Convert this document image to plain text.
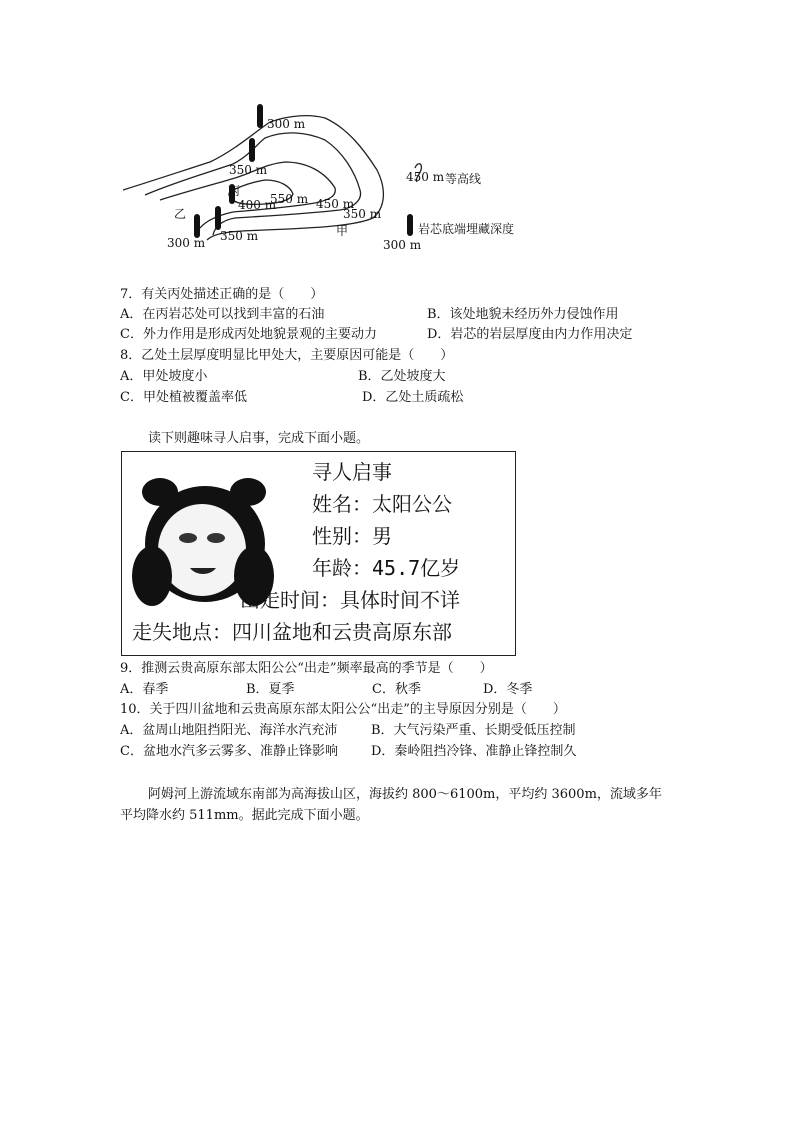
300 m
350 m
丙
400 m
550 m 450 m
350 m
乙
甲
300 m 350 m
450 m 等高线
岩芯底端埋藏深度
300 m
7．有关丙处描述正确的是（　　）
A．在丙岩芯处可以找到丰富的石油	B．该处地貌未经历外力侵蚀作用
C．外力作用是形成丙处地貌景观的主要动力	D．岩芯的岩层厚度由内力作用决定
8．乙处土层厚度明显比甲处大，主要原因可能是（　　）
A．甲处坡度小	B．乙处坡度大
C．甲处植被覆盖率低	D．乙处土质疏松
读下则趣味寻人启事，完成下面小题。
寻人启事
姓名：太阳公公
性别：男
年龄：45.7亿岁
出走时间：具体时间不详
走失地点：四川盆地和云贵高原东部
9．推测云贵高原东部太阳公公“出走”频率最高的季节是（　　）
A．春季	B．夏季	C．秋季	D．冬季
10．关于四川盆地和云贵高原东部太阳公公“出走”的主导原因分别是（　　）
A．盆周山地阻挡阳光、海洋水汽充沛	B．大气污染严重、长期受低压控制
C．盆地水汽多云雾多、准静止锋影响	D．秦岭阻挡冷锋、准静止锋控制久
阿姆河上游流域东南部为高海拔山区，海拔约 800～6100m，平均约 3600m，流域多年
平均降水约 511mm。据此完成下面小题。
